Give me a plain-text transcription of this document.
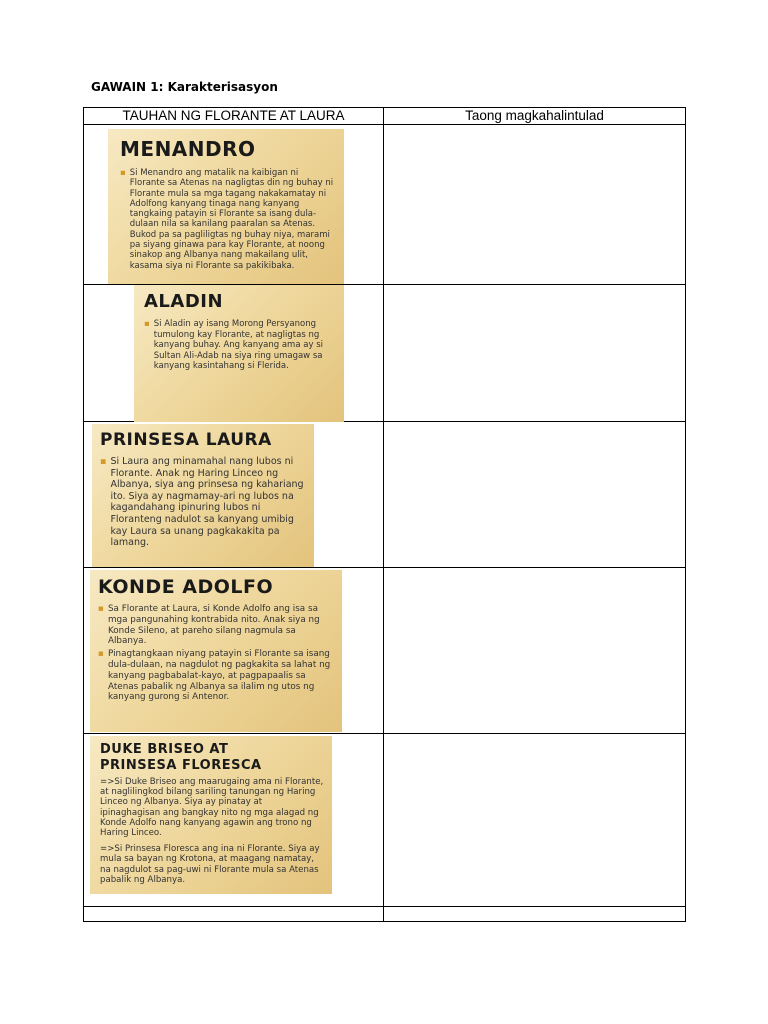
GAWAIN 1: Karakterisasyon
TAUHAN NG FLORANTE AT LAURA	Taong magkahalintulad

MENANDRO
▪ Si Menandro ang matalik na kaibigan ni Florante sa Atenas na nagligtas din ng buhay ni Florante mula sa mga tagang nakakamatay ni Adolfong kanyang tinaga nang kanyang tangkaing patayin si Florante sa isang dula-dulaan nila sa kanilang paaralan sa Atenas. Bukod pa sa pagliligtas ng buhay niya, marami pa siyang ginawa para kay Florante, at noong sinakop ang Albanya nang makailang ulit, kasama siya ni Florante sa pakikibaka.	

ALADIN
▪ Si Aladin ay isang Morong Persyanong tumulong kay Florante, at nagligtas ng kanyang buhay. Ang kanyang ama ay si Sultan Ali-Adab na siya ring umagaw sa kanyang kasintahang si Flerida.	

PRINSESA LAURA
▪ Si Laura ang minamahal nang lubos ni Florante. Anak ng Haring Linceo ng Albanya, siya ang prinsesa ng kahariang ito. Siya ay nagmamay-ari ng lubos na kagandahang ipinuring lubos ni Floranteng nadulot sa kanyang umibig kay Laura sa unang pagkakakita pa lamang.	

KONDE ADOLFO
▪ Sa Florante at Laura, si Konde Adolfo ang isa sa mga pangunahing kontrabida nito. Anak siya ng Konde Sileno, at pareho silang nagmula sa Albanya.

▪ Pinagtangkaan niyang patayin si Florante sa isang dula-dulaan, na nagdulot ng pagkakita sa lahat ng kanyang pagbabalat-kayo, at pagpapaalis sa Atenas pabalik ng Albanya sa ilalim ng utos ng kanyang gurong si Antenor.	

DUKE BRISEO AT PRINSESA FLORESCA

=>Si Duke Briseo ang maarugaing ama ni Florante, at naglilingkod bilang sariling tanungan ng Haring Linceo ng Albanya. Siya ay pinatay at ipinaghagisan ang bangkay nito ng mga alagad ng Konde Adolfo nang kanyang agawin ang trono ng Haring Linceo.

=>Si Prinsesa Floresca ang ina ni Florante. Siya ay mula sa bayan ng Krotona, at maagang namatay, na nagdulot sa pag-uwi ni Florante mula sa Atenas pabalik ng Albanya.	
